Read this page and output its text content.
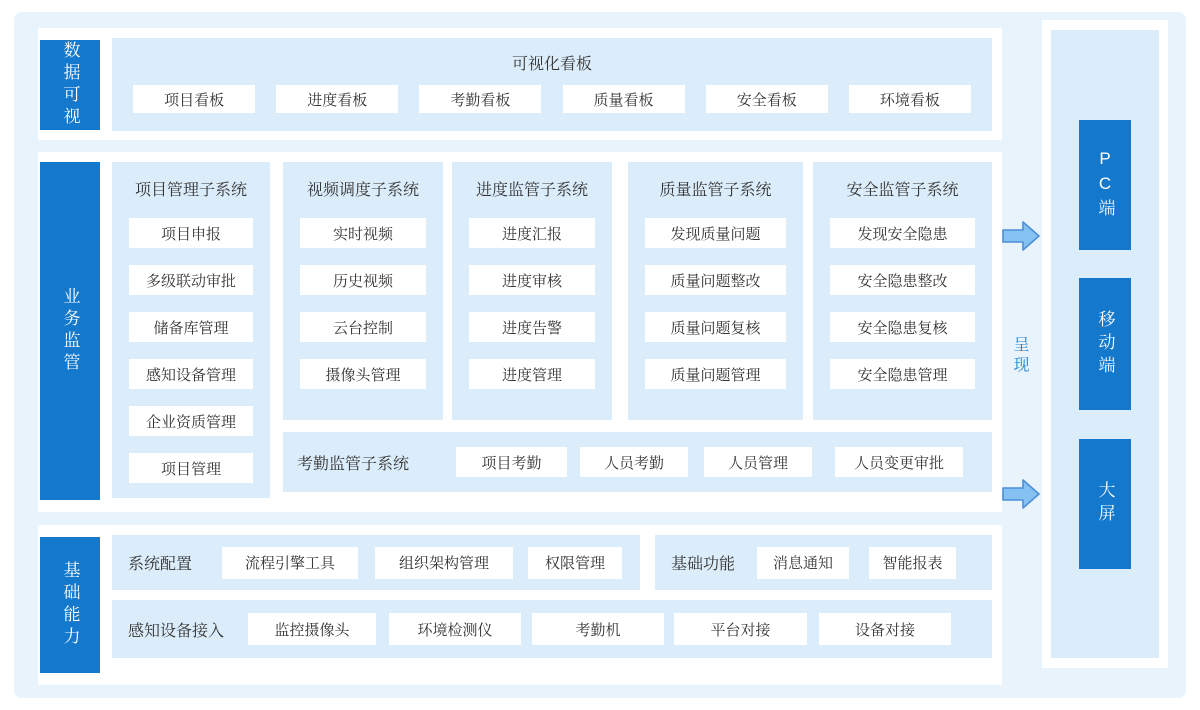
数据可视	可视化看板
项目看板	进度看板	考勤看板	质量看板	安全看板	环境看板
业务监管
项目管理子系统
项目申报
多级联动审批
储备库管理
感知设备管理
企业资质管理
项目管理
视频调度子系统
实时视频
历史视频
云台控制
摄像头管理
进度监管子系统
进度汇报
进度审核
进度告警
进度管理
质量监管子系统
发现质量问题
质量问题整改
质量问题复核
质量问题管理
安全监管子系统
发现安全隐患
安全隐患整改
安全隐患复核
安全隐患管理
考勤监管子系统	项目考勤	人员考勤	人员管理	人员变更审批
基础能力	系统配置	流程引擎工具	组织架构管理	权限管理	基础功能	消息通知	智能报表
感知设备接入	监控摄像头	环境检测仪	考勤机	平台对接	设备对接
呈现
PC端
移动端
大屏
